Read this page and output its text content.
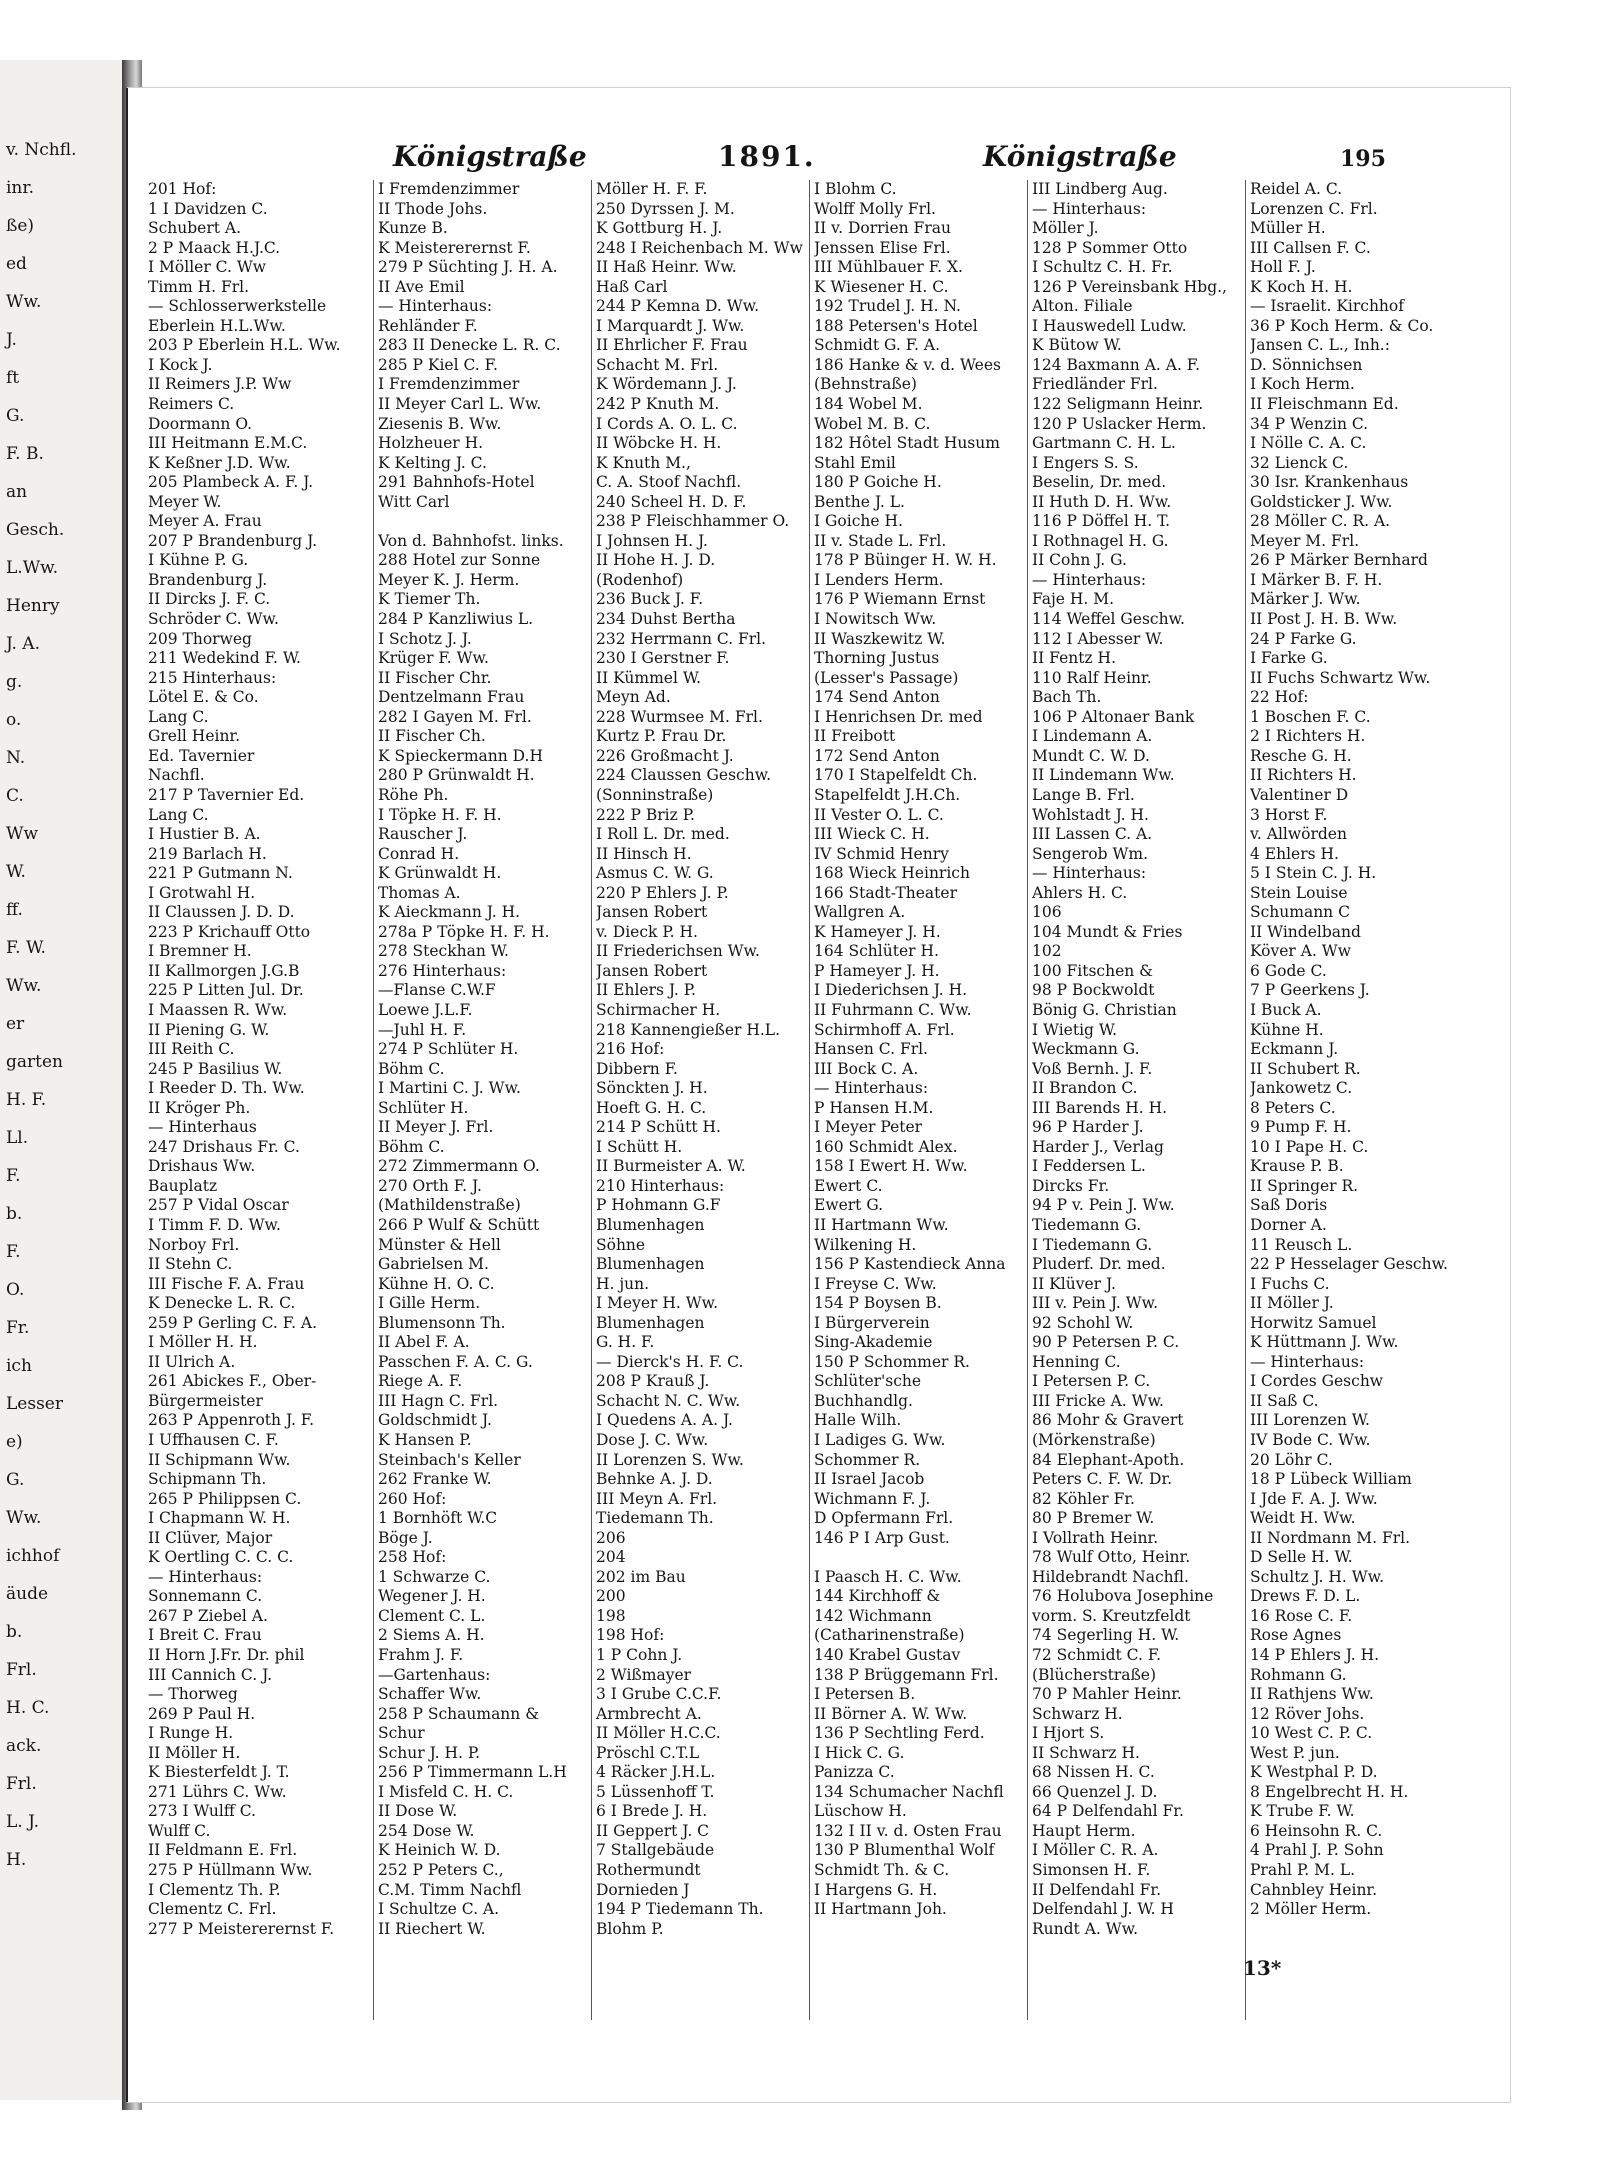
v. Nchfl.
inr.
ße)
ed
Ww.
J.
ft
G.
F. B.
an
Gesch.
L.Ww.
Henry
J. A.
g.
o.
N.
C.
Ww
W.
ff.
F. W.
Ww.
er
garten
H. F.
Ll.
F.
b.
F.
O.
Fr.
ich
Lesser
e)
G.
Ww.
ichhof
äude
b.
Frl.
H. C.
ack.
Frl.
L. J.
H.
Königstraße	1891.	Königstraße	195
201 Hof:
1 I Davidzen C.
Schubert A.
2 P Maack H.J.C.
I Möller C. Ww
Timm H. Frl.
— Schlosserwerkstelle
Eberlein H.L.Ww.
203 P Eberlein H.L. Ww.
I Kock J.
II Reimers J.P. Ww
Reimers C.
Doormann O.
III Heitmann E.M.C.
K Keßner J.D. Ww.
205 Plambeck A. F. J.
Meyer W.
Meyer A. Frau
207 P Brandenburg J.
I Kühne P. G.
Brandenburg J.
II Dircks J. F. C.
Schröder C. Ww.
209 Thorweg
211 Wedekind F. W.
215 Hinterhaus:
Lötel E. & Co.
Lang C.
Grell Heinr.
Ed. Tavernier
Nachfl.
217 P Tavernier Ed.
Lang C.
I Hustier B. A.
219 Barlach H.
221 P Gutmann N.
I Grotwahl H.
II Claussen J. D. D.
223 P Krichauff Otto
I Bremner H.
II Kallmorgen J.G.B
225 P Litten Jul. Dr.
I Maassen R. Ww.
II Piening G. W.
III Reith C.
245 P Basilius W.
I Reeder D. Th. Ww.
II Kröger Ph.
— Hinterhaus
247 Drishaus Fr. C.
Drishaus Ww.
Bauplatz
257 P Vidal Oscar
I Timm F. D. Ww.
Norboy Frl.
II Stehn C.
III Fische F. A. Frau
K Denecke L. R. C.
259 P Gerling C. F. A.
I Möller H. H.
II Ulrich A.
261 Abickes F., Ober-
Bürgermeister
263 P Appenroth J. F.
I Uffhausen C. F.
II Schipmann Ww.
Schipmann Th.
265 P Philippsen C.
I Chapmann W. H.
II Clüver, Major
K Oertling C. C. C.
— Hinterhaus:
Sonnemann C.
267 P Ziebel A.
I Breit C. Frau
II Horn J.Fr. Dr. phil
III Cannich C. J.
— Thorweg
269 P Paul H.
I Runge H.
II Möller H.
K Biesterfeldt J. T.
271 Lührs C. Ww.
273 I Wulff C.
Wulff C.
II Feldmann E. Frl.
275 P Hüllmann Ww.
I Clementz Th. P.
Clementz C. Frl.
277 P Meistererernst F.
I Fremdenzimmer
II Thode Johs.
Kunze B.
K Meistererernst F.
279 P Süchting J. H. A.
II Ave Emil
— Hinterhaus:
Rehländer F.
283 II Denecke L. R. C.
285 P Kiel C. F.
I Fremdenzimmer
II Meyer Carl L. Ww.
Ziesenis B. Ww.
Holzheuer H.
K Kelting J. C.
291 Bahnhofs-Hotel
Witt Carl
Von d. Bahnhofst. links.
288 Hotel zur Sonne
Meyer K. J. Herm.
K Tiemer Th.
284 P Kanzliwius L.
I Schotz J. J.
Krüger F. Ww.
II Fischer Chr.
Dentzelmann Frau
282 I Gayen M. Frl.
II Fischer Ch.
K Spieckermann D.H
280 P Grünwaldt H.
Röhe Ph.
I Töpke H. F. H.
Rauscher J.
Conrad H.
K Grünwaldt H.
Thomas A.
K Aieckmann J. H.
278a P Töpke H. F. H.
278 Steckhan W.
276 Hinterhaus:
—Flanse C.W.F
Loewe J.L.F.
—Juhl H. F.
274 P Schlüter H.
Böhm C.
I Martini C. J. Ww.
Schlüter H.
II Meyer J. Frl.
Böhm C.
272 Zimmermann O.
270 Orth F. J.
(Mathildenstraße)
266 P Wulf & Schütt
Münster & Hell
Gabrielsen M.
Kühne H. O. C.
I Gille Herm.
Blumensonn Th.
II Abel F. A.
Passchen F. A. C. G.
Riege A. F.
III Hagn C. Frl.
Goldschmidt J.
K Hansen P.
Steinbach's Keller
262 Franke W.
260 Hof:
1 Bornhöft W.C
Böge J.
258 Hof:
1 Schwarze C.
Wegener J. H.
Clement C. L.
2 Siems A. H.
Frahm J. F.
—Gartenhaus:
Schaffer Ww.
258 P Schaumann &
Schur
Schur J. H. P.
256 P Timmermann L.H
I Misfeld C. H. C.
II Dose W.
254 Dose W.
K Heinich W. D.
252 P Peters C.,
C.M. Timm Nachfl
I Schultze C. A.
II Riechert W.
Möller H. F. F.
250 Dyrssen J. M.
K Gottburg H. J.
248 I Reichenbach M. Ww
II Haß Heinr. Ww.
Haß Carl
244 P Kemna D. Ww.
I Marquardt J. Ww.
II Ehrlicher F. Frau
Schacht M. Frl.
K Wördemann J. J.
242 P Knuth M.
I Cords A. O. L. C.
II Wöbcke H. H.
K Knuth M.,
C. A. Stoof Nachfl.
240 Scheel H. D. F.
238 P Fleischhammer O.
I Johnsen H. J.
II Hohe H. J. D.
(Rodenhof)
236 Buck J. F.
234 Duhst Bertha
232 Herrmann C. Frl.
230 I Gerstner F.
II Kümmel W.
Meyn Ad.
228 Wurmsee M. Frl.
Kurtz P. Frau Dr.
226 Großmacht J.
224 Claussen Geschw.
(Sonninstraße)
222 P Briz P.
I Roll L. Dr. med.
II Hinsch H.
Asmus C. W. G.
220 P Ehlers J. P.
Jansen Robert
v. Dieck P. H.
II Friederichsen Ww.
Jansen Robert
II Ehlers J. P.
Schirmacher H.
218 Kannengießer H.L.
216 Hof:
Dibbern F.
Sönckten J. H.
Hoeft G. H. C.
214 P Schütt H.
I Schütt H.
II Burmeister A. W.
210 Hinterhaus:
P Hohmann G.F
Blumenhagen
Söhne
Blumenhagen
H. jun.
I Meyer H. Ww.
Blumenhagen
G. H. F.
— Dierck's H. F. C.
208 P Krauß J.
Schacht N. C. Ww.
I Quedens A. A. J.
Dose J. C. Ww.
II Lorenzen S. Ww.
Behnke A. J. D.
III Meyn A. Frl.
Tiedemann Th.
206
204
202 im Bau
200
198
198 Hof:
1 P Cohn J.
2 Wißmayer
3 I Grube C.C.F.
Armbrecht A.
II Möller H.C.C.
Pröschl C.T.L
4 Räcker J.H.L.
5 Lüssenhoff T.
6 I Brede J. H.
II Geppert J. C
7 Stallgebäude
Rothermundt
Dornieden J
194 P Tiedemann Th.
Blohm P.
I Blohm C.
Wolff Molly Frl.
II v. Dorrien Frau
Jenssen Elise Frl.
III Mühlbauer F. X.
K Wiesener H. C.
192 Trudel J. H. N.
188 Petersen's Hotel
Schmidt G. F. A.
186 Hanke & v. d. Wees
(Behnstraße)
184 Wobel M.
Wobel M. B. C.
182 Hôtel Stadt Husum
Stahl Emil
180 P Goiche H.
Benthe J. L.
I Goiche H.
II v. Stade L. Frl.
178 P Büinger H. W. H.
I Lenders Herm.
176 P Wiemann Ernst
I Nowitsch Ww.
II Waszkewitz W.
Thorning Justus
(Lesser's Passage)
174 Send Anton
I Henrichsen Dr. med
II Freibott
172 Send Anton
170 I Stapelfeldt Ch.
Stapelfeldt J.H.Ch.
II Vester O. L. C.
III Wieck C. H.
IV Schmid Henry
168 Wieck Heinrich
166 Stadt-Theater
Wallgren A.
K Hameyer J. H.
164 Schlüter H.
P Hameyer J. H.
I Diederichsen J. H.
II Fuhrmann C. Ww.
Schirmhoff A. Frl.
Hansen C. Frl.
III Bock C. A.
— Hinterhaus:
P Hansen H.M.
I Meyer Peter
160 Schmidt Alex.
158 I Ewert H. Ww.
Ewert C.
Ewert G.
II Hartmann Ww.
Wilkening H.
156 P Kastendieck Anna
I Freyse C. Ww.
154 P Boysen B.
I Bürgerverein
Sing-Akademie
150 P Schommer R.
Schlüter'sche
Buchhandlg.
Halle Wilh.
I Ladiges G. Ww.
Schommer R.
II Israel Jacob
Wichmann F. J.
D Opfermann Frl.
146 P I Arp Gust.
I Paasch H. C. Ww.
144 Kirchhoff &
142 Wichmann
(Catharinenstraße)
140 Krabel Gustav
138 P Brüggemann Frl.
I Petersen B.
II Börner A. W. Ww.
136 P Sechtling Ferd.
I Hick C. G.
Panizza C.
134 Schumacher Nachfl
Lüschow H.
132 I II v. d. Osten Frau
130 P Blumenthal Wolf
Schmidt Th. & C.
I Hargens G. H.
II Hartmann Joh.
III Lindberg Aug.
— Hinterhaus:
Möller J.
128 P Sommer Otto
I Schultz C. H. Fr.
126 P Vereinsbank Hbg.,
Alton. Filiale
I Hauswedell Ludw.
K Bütow W.
124 Baxmann A. A. F.
Friedländer Frl.
122 Seligmann Heinr.
120 P Uslacker Herm.
Gartmann C. H. L.
I Engers S. S.
Beselin, Dr. med.
II Huth D. H. Ww.
116 P Döffel H. T.
I Rothnagel H. G.
II Cohn J. G.
— Hinterhaus:
Faje H. M.
114 Weffel Geschw.
112 I Abesser W.
II Fentz H.
110 Ralf Heinr.
Bach Th.
106 P Altonaer Bank
I Lindemann A.
Mundt C. W. D.
II Lindemann Ww.
Lange B. Frl.
Wohlstadt J. H.
III Lassen C. A.
Sengerob Wm.
— Hinterhaus:
Ahlers H. C.
106
104 Mundt & Fries
102
100 Fitschen &
98 P Bockwoldt
Bönig G. Christian
I Wietig W.
Weckmann G.
Voß Bernh. J. F.
II Brandon C.
III Barends H. H.
96 P Harder J.
Harder J., Verlag
I Feddersen L.
Dircks Fr.
94 P v. Pein J. Ww.
Tiedemann G.
I Tiedemann G.
Pluderf. Dr. med.
II Klüver J.
III v. Pein J. Ww.
92 Schohl W.
90 P Petersen P. C.
Henning C.
I Petersen P. C.
III Fricke A. Ww.
86 Mohr & Gravert
(Mörkenstraße)
84 Elephant-Apoth.
Peters C. F. W. Dr.
82 Köhler Fr.
80 P Bremer W.
I Vollrath Heinr.
78 Wulf Otto, Heinr.
Hildebrandt Nachfl.
76 Holubova Josephine
vorm. S. Kreutzfeldt
74 Segerling H. W.
72 Schmidt C. F.
(Blücherstraße)
70 P Mahler Heinr.
Schwarz H.
I Hjort S.
II Schwarz H.
68 Nissen H. C.
66 Quenzel J. D.
64 P Delfendahl Fr.
Haupt Herm.
I Möller C. R. A.
Simonsen H. F.
II Delfendahl Fr.
Delfendahl J. W. H
Rundt A. Ww.
Reidel A. C.
Lorenzen C. Frl.
Müller H.
III Callsen F. C.
Holl F. J.
K Koch H. H.
— Israelit. Kirchhof
36 P Koch Herm. & Co.
Jansen C. L., Inh.:
D. Sönnichsen
I Koch Herm.
II Fleischmann Ed.
34 P Wenzin C.
I Nölle C. A. C.
32 Lienck C.
30 Isr. Krankenhaus
Goldsticker J. Ww.
28 Möller C. R. A.
Meyer M. Frl.
26 P Märker Bernhard
I Märker B. F. H.
Märker J. Ww.
II Post J. H. B. Ww.
24 P Farke G.
I Farke G.
II Fuchs Schwartz Ww.
22 Hof:
1 Boschen F. C.
2 I Richters H.
Resche G. H.
II Richters H.
Valentiner D
3 Horst F.
v. Allwörden
4 Ehlers H.
5 I Stein C. J. H.
Stein Louise
Schumann C
II Windelband
Köver A. Ww
6 Gode C.
7 P Geerkens J.
I Buck A.
Kühne H.
Eckmann J.
II Schubert R.
Jankowetz C.
8 Peters C.
9 Pump F. H.
10 I Pape H. C.
Krause P. B.
II Springer R.
Saß Doris
Dorner A.
11 Reusch L.
22 P Hesselager Geschw.
I Fuchs C.
II Möller J.
Horwitz Samuel
K Hüttmann J. Ww.
— Hinterhaus:
I Cordes Geschw
II Saß C.
III Lorenzen W.
IV Bode C. Ww.
20 Löhr C.
18 P Lübeck William
I Jde F. A. J. Ww.
Weidt H. Ww.
II Nordmann M. Frl.
D Selle H. W.
Schultz J. H. Ww.
Drews F. D. L.
16 Rose C. F.
Rose Agnes
14 P Ehlers J. H.
Rohmann G.
II Rathjens Ww.
12 Röver Johs.
10 West C. P. C.
West P. jun.
K Westphal P. D.
8 Engelbrecht H. H.
K Trube F. W.
6 Heinsohn R. C.
4 Prahl J. P. Sohn
Prahl P. M. L.
Cahnbley Heinr.
2 Möller Herm.
13*
